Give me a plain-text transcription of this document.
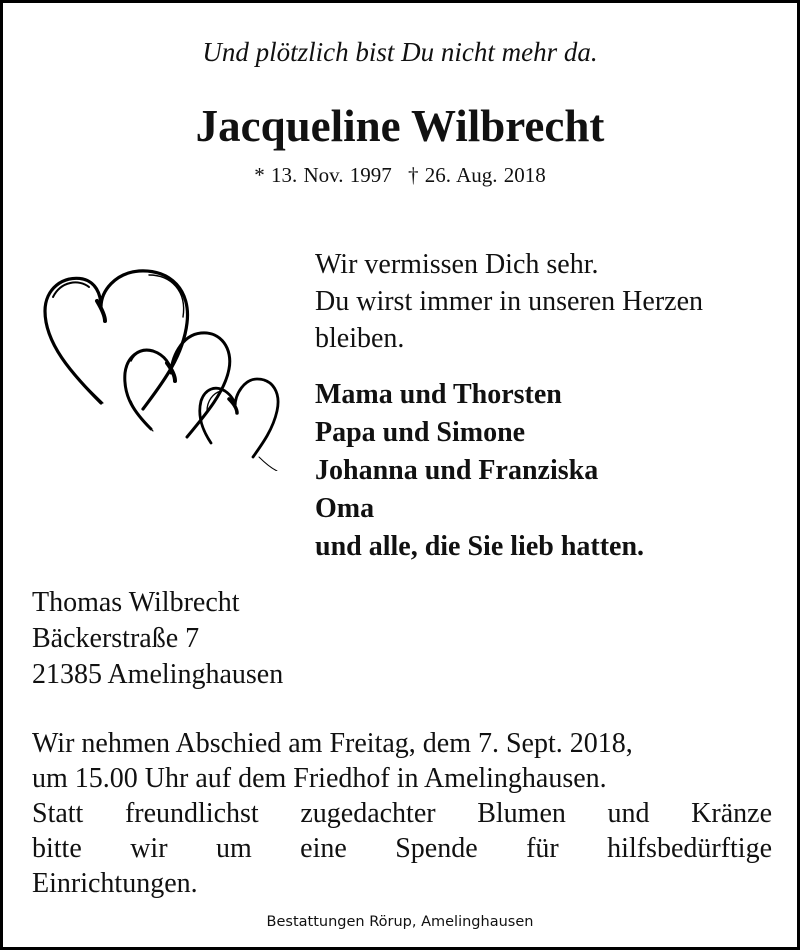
Und plötzlich bist Du nicht mehr da.
Jacqueline Wilbrecht
* 13. Nov. 1997 † 26. Aug. 2018
Wir vermissen Dich sehr.
Du wirst immer in unseren Herzen
bleiben.
Mama und Thorsten
Papa und Simone
Johanna und Franziska
Oma
und alle, die Sie lieb hatten.
Thomas Wilbrecht
Bäckerstraße 7
21385 Amelinghausen
Wir nehmen Abschied am Freitag, dem 7. Sept. 2018,
um 15.00 Uhr auf dem Friedhof in Amelinghausen.
Statt freundlichst zugedachter Blumen und Kränze
bitte wir um eine Spende für hilfsbedürftige
Einrichtungen.
Bestattungen Rörup, Amelinghausen
